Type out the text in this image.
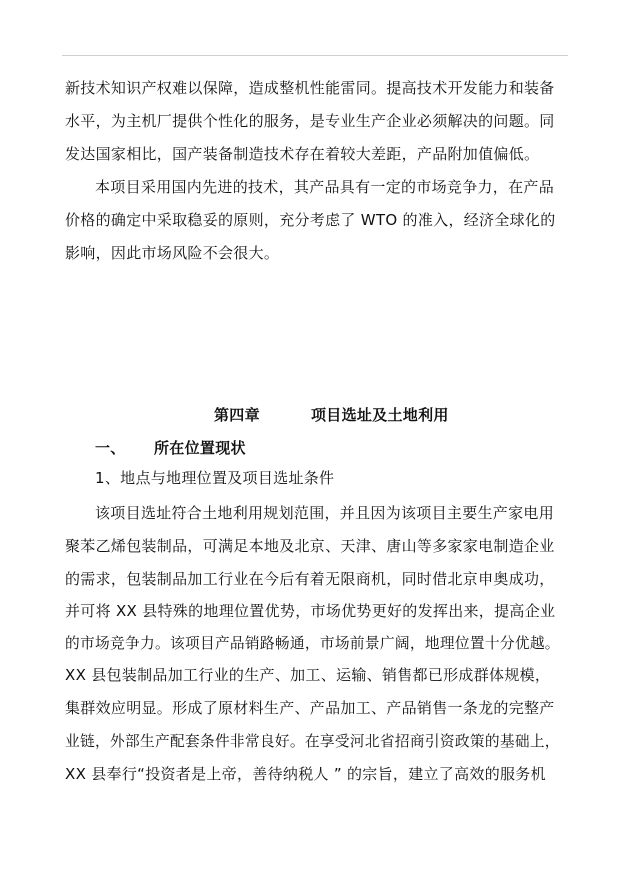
新技术知识产权难以保障，造成整机性能雷同。提高技术开发能力和装备
水平，为主机厂提供个性化的服务，是专业生产企业必须解决的问题。同
发达国家相比，国产装备制造技术存在着较大差距，产品附加值偏低。
本项目采用国内先进的技术，其产品具有一定的市场竞争力，在产品
价格的确定中采取稳妥的原则，充分考虑了 WTO 的准入，经济全球化的
影响，因此市场风险不会很大。
第四章	项目选址及土地利用
一、 所在位置现状
1、地点与地理位置及项目选址条件
该项目选址符合土地利用规划范围，并且因为该项目主要生产家电用
聚苯乙烯包装制品，可满足本地及北京、天津、唐山等多家家电制造企业
的需求，包装制品加工行业在今后有着无限商机，同时借北京申奥成功，
并可将 XX 县特殊的地理位置优势，市场优势更好的发挥出来，提高企业
的市场竞争力。该项目产品销路畅通，市场前景广阔，地理位置十分优越。
XX 县包装制品加工行业的生产、加工、运输、销售都已形成群体规模，
集群效应明显。形成了原材料生产、产品加工、产品销售一条龙的完整产
业链，外部生产配套条件非常良好。在享受河北省招商引资政策的基础上，
XX 县奉行“投资者是上帝，善待纳税人 ” 的宗旨，建立了高效的服务机
